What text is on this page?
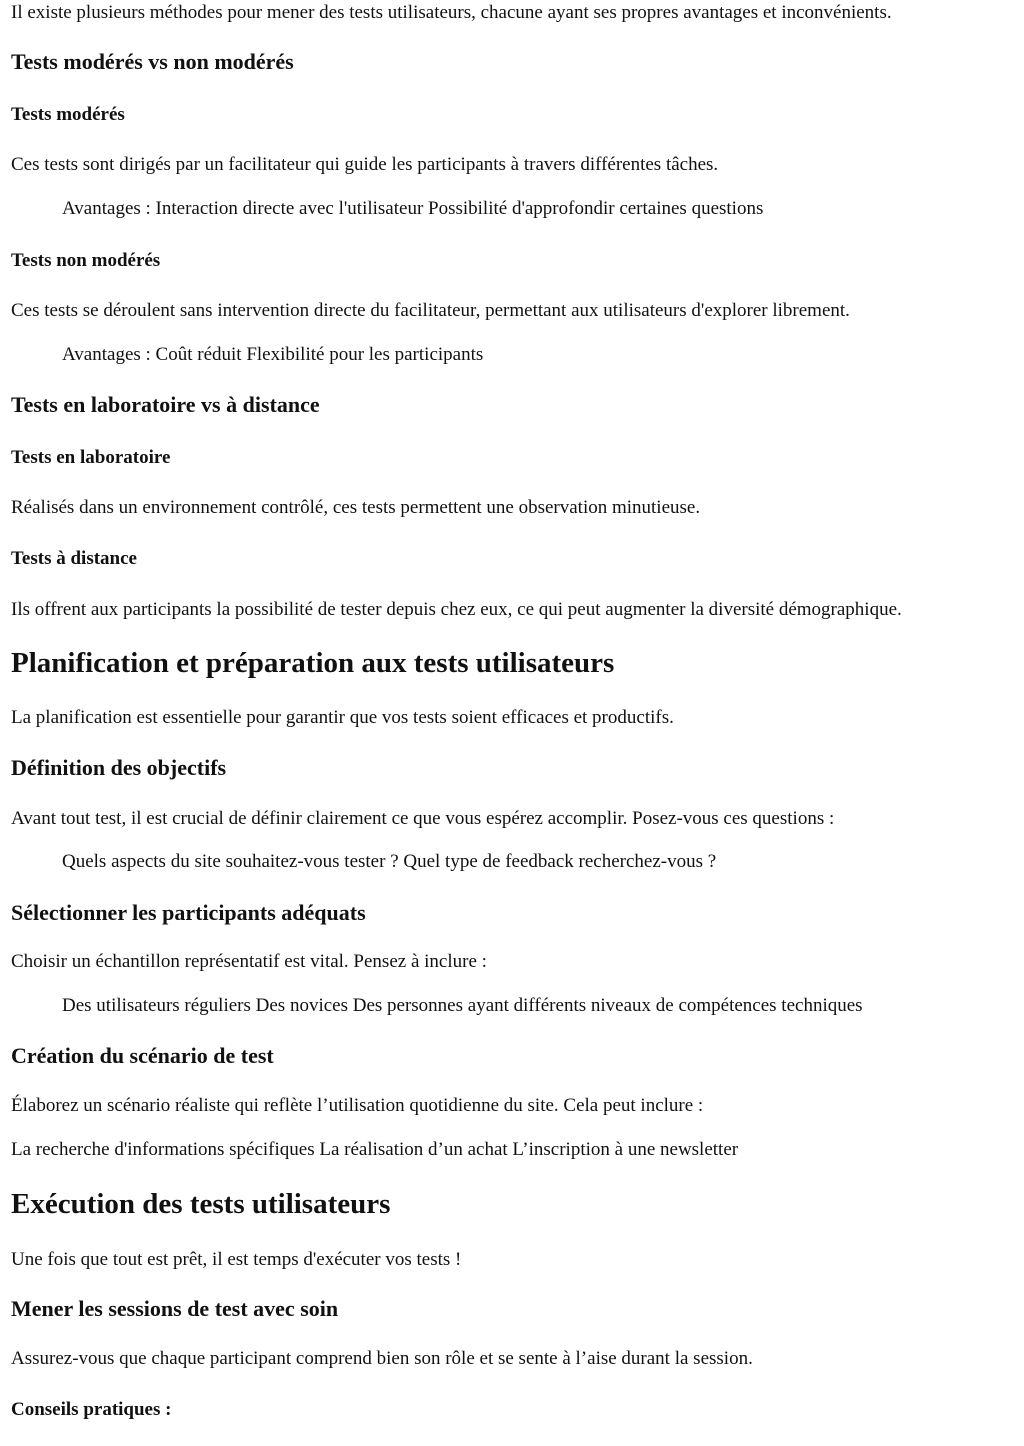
Il existe plusieurs méthodes pour mener des tests utilisateurs, chacune ayant ses propres avantages et inconvénients.

Tests modérés vs non modérés
Tests modérés

Ces tests sont dirigés par un facilitateur qui guide les participants à travers différentes tâches.

Avantages : Interaction directe avec l'utilisateur Possibilité d'approfondir certaines questions

Tests non modérés

Ces tests se déroulent sans intervention directe du facilitateur, permettant aux utilisateurs d'explorer librement.

Avantages : Coût réduit Flexibilité pour les participants

Tests en laboratoire vs à distance
Tests en laboratoire

Réalisés dans un environnement contrôlé, ces tests permettent une observation minutieuse.

Tests à distance

Ils offrent aux participants la possibilité de tester depuis chez eux, ce qui peut augmenter la diversité démographique.

Planification et préparation aux tests utilisateurs

La planification est essentielle pour garantir que vos tests soient efficaces et productifs.

Définition des objectifs

Avant tout test, il est crucial de définir clairement ce que vous espérez accomplir. Posez-vous ces questions :

Quels aspects du site souhaitez-vous tester ? Quel type de feedback recherchez-vous ?

Sélectionner les participants adéquats

Choisir un échantillon représentatif est vital. Pensez à inclure :

Des utilisateurs réguliers Des novices Des personnes ayant différents niveaux de compétences techniques

Création du scénario de test

Élaborez un scénario réaliste qui reflète l’utilisation quotidienne du site. Cela peut inclure :

La recherche d'informations spécifiques La réalisation d’un achat L’inscription à une newsletter

Exécution des tests utilisateurs

Une fois que tout est prêt, il est temps d'exécuter vos tests !

Mener les sessions de test avec soin

Assurez-vous que chaque participant comprend bien son rôle et se sente à l’aise durant la session.

Conseils pratiques :
